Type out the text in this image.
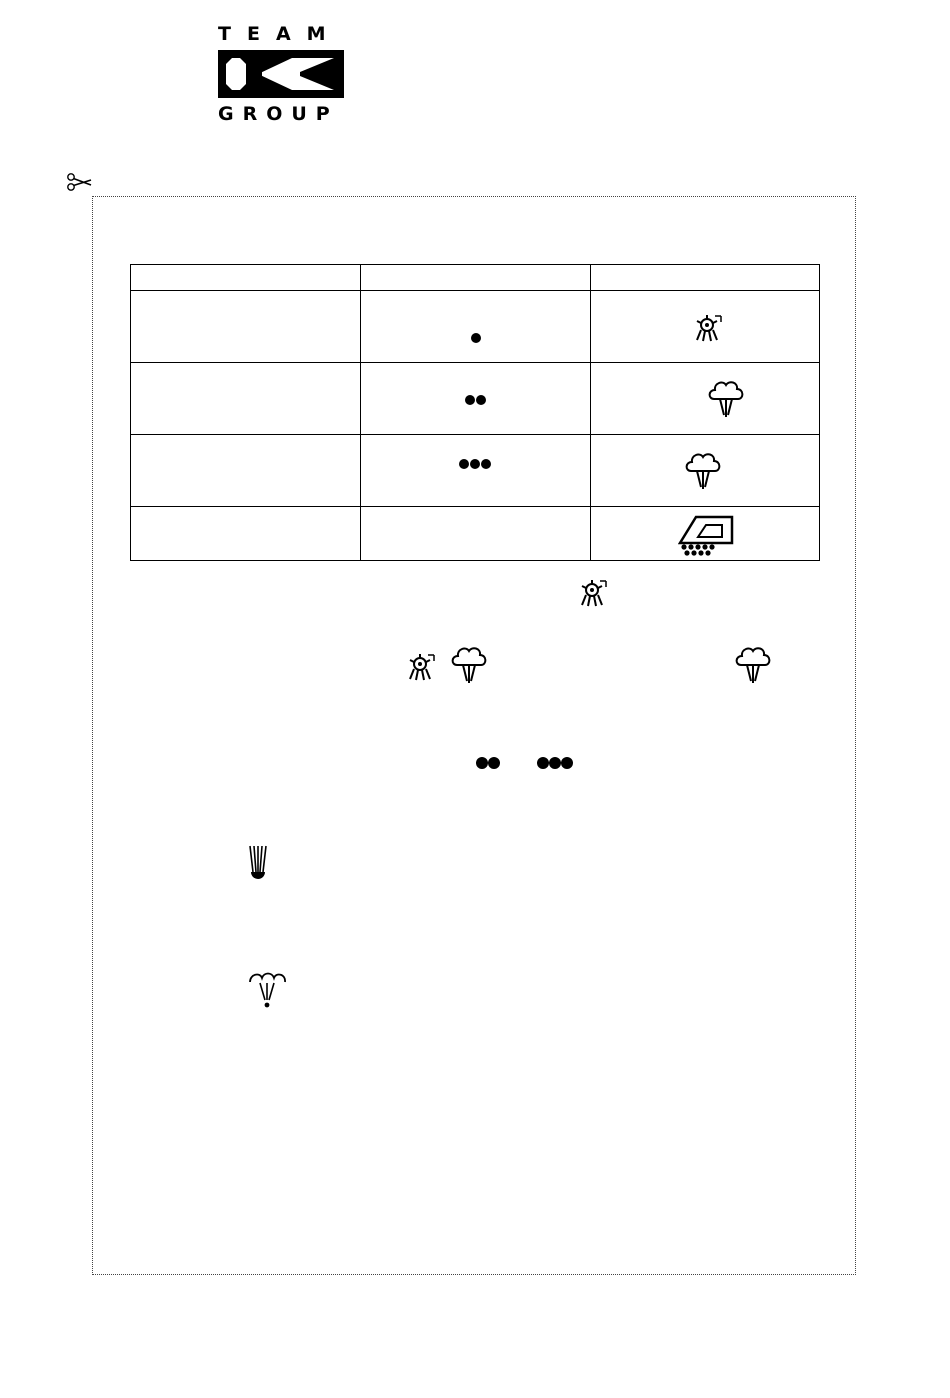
TEAM
GROUP
